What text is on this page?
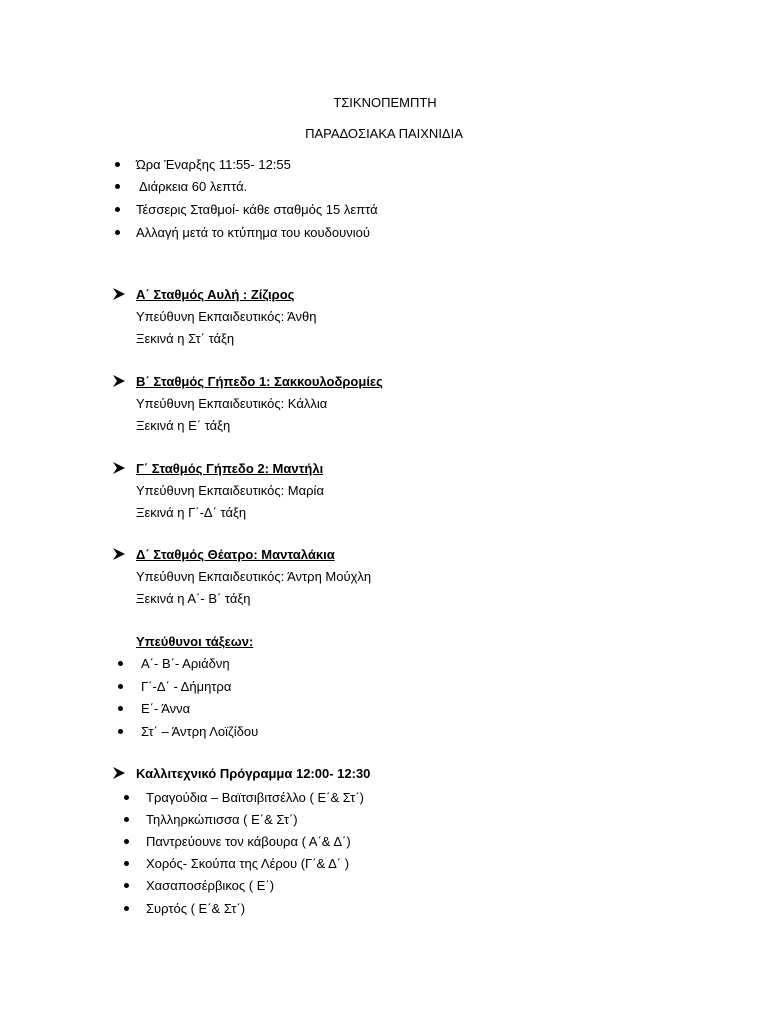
ΤΣΙΚΝΟΠΕΜΠΤΗ
ΠΑΡΑΔΟΣΙΑΚΑ ΠΑΙΧΝΙΔΙΑ
Ώρα Έναρξης 11:55- 12:55
Διάρκεια 60 λεπτά.
Τέσσερις Σταθμοί- κάθε σταθμός 15 λεπτά
Αλλαγή μετά το κτύπημα του κουδουνιού
Α΄ Σταθμός Αυλή : Ζίζιρος
Υπεύθυνη Εκπαιδευτικός: Άνθη
Ξεκινά η Στ΄ τάξη
Β΄ Σταθμός Γήπεδο 1: Σακκουλοδρομίες
Υπεύθυνη Εκπαιδευτικός: Κάλλια
Ξεκινά η Ε΄ τάξη
Γ΄ Σταθμός Γήπεδο 2: Μαντήλι
Υπεύθυνη Εκπαιδευτικός: Μαρία
Ξεκινά η Γ΄-Δ΄ τάξη
Δ΄ Σταθμός Θέατρο: Μανταλάκια
Υπεύθυνη Εκπαιδευτικός: Άντρη Μούχλη
Ξεκινά η Α΄- Β΄ τάξη
Υπεύθυνοι τάξεων:
Α΄- Β΄- Αριάδνη
Γ΄-Δ΄ - Δήμητρα
Ε΄- Άννα
Στ΄ – Άντρη Λοϊζίδου
Καλλιτεχνικό Πρόγραμμα 12:00- 12:30
Τραγούδια – Βαϊτσιβιτσέλλο ( Ε΄& Στ΄)
Τηλληρκώπισσα ( Ε΄& Στ΄)
Παντρεύουνε τον κάβουρα ( Α΄& Δ΄)
Χορός- Σκούπα της Λέρου (Γ΄& Δ΄ )
Χασαποσέρβικος ( Ε΄)
Συρτός ( Ε΄& Στ΄)
